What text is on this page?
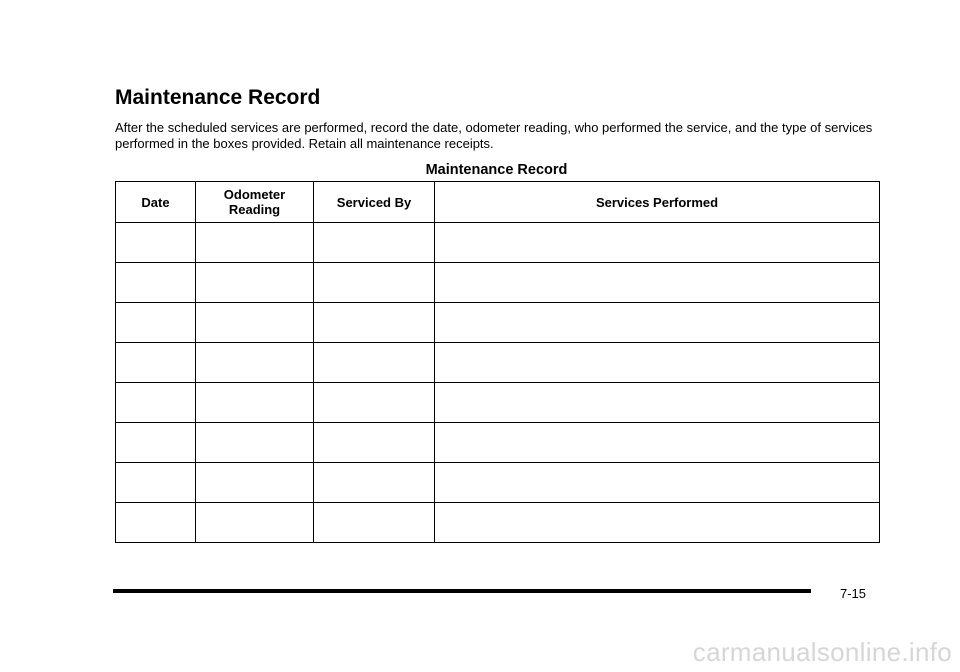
Maintenance Record

After the scheduled services are performed, record the date, odometer reading, who performed the service, and the type of services performed in the boxes provided. Retain all maintenance receipts.

Maintenance Record
Date	Odometer Reading	Serviced By	Services Performed

7-15
carmanualsonline.info
